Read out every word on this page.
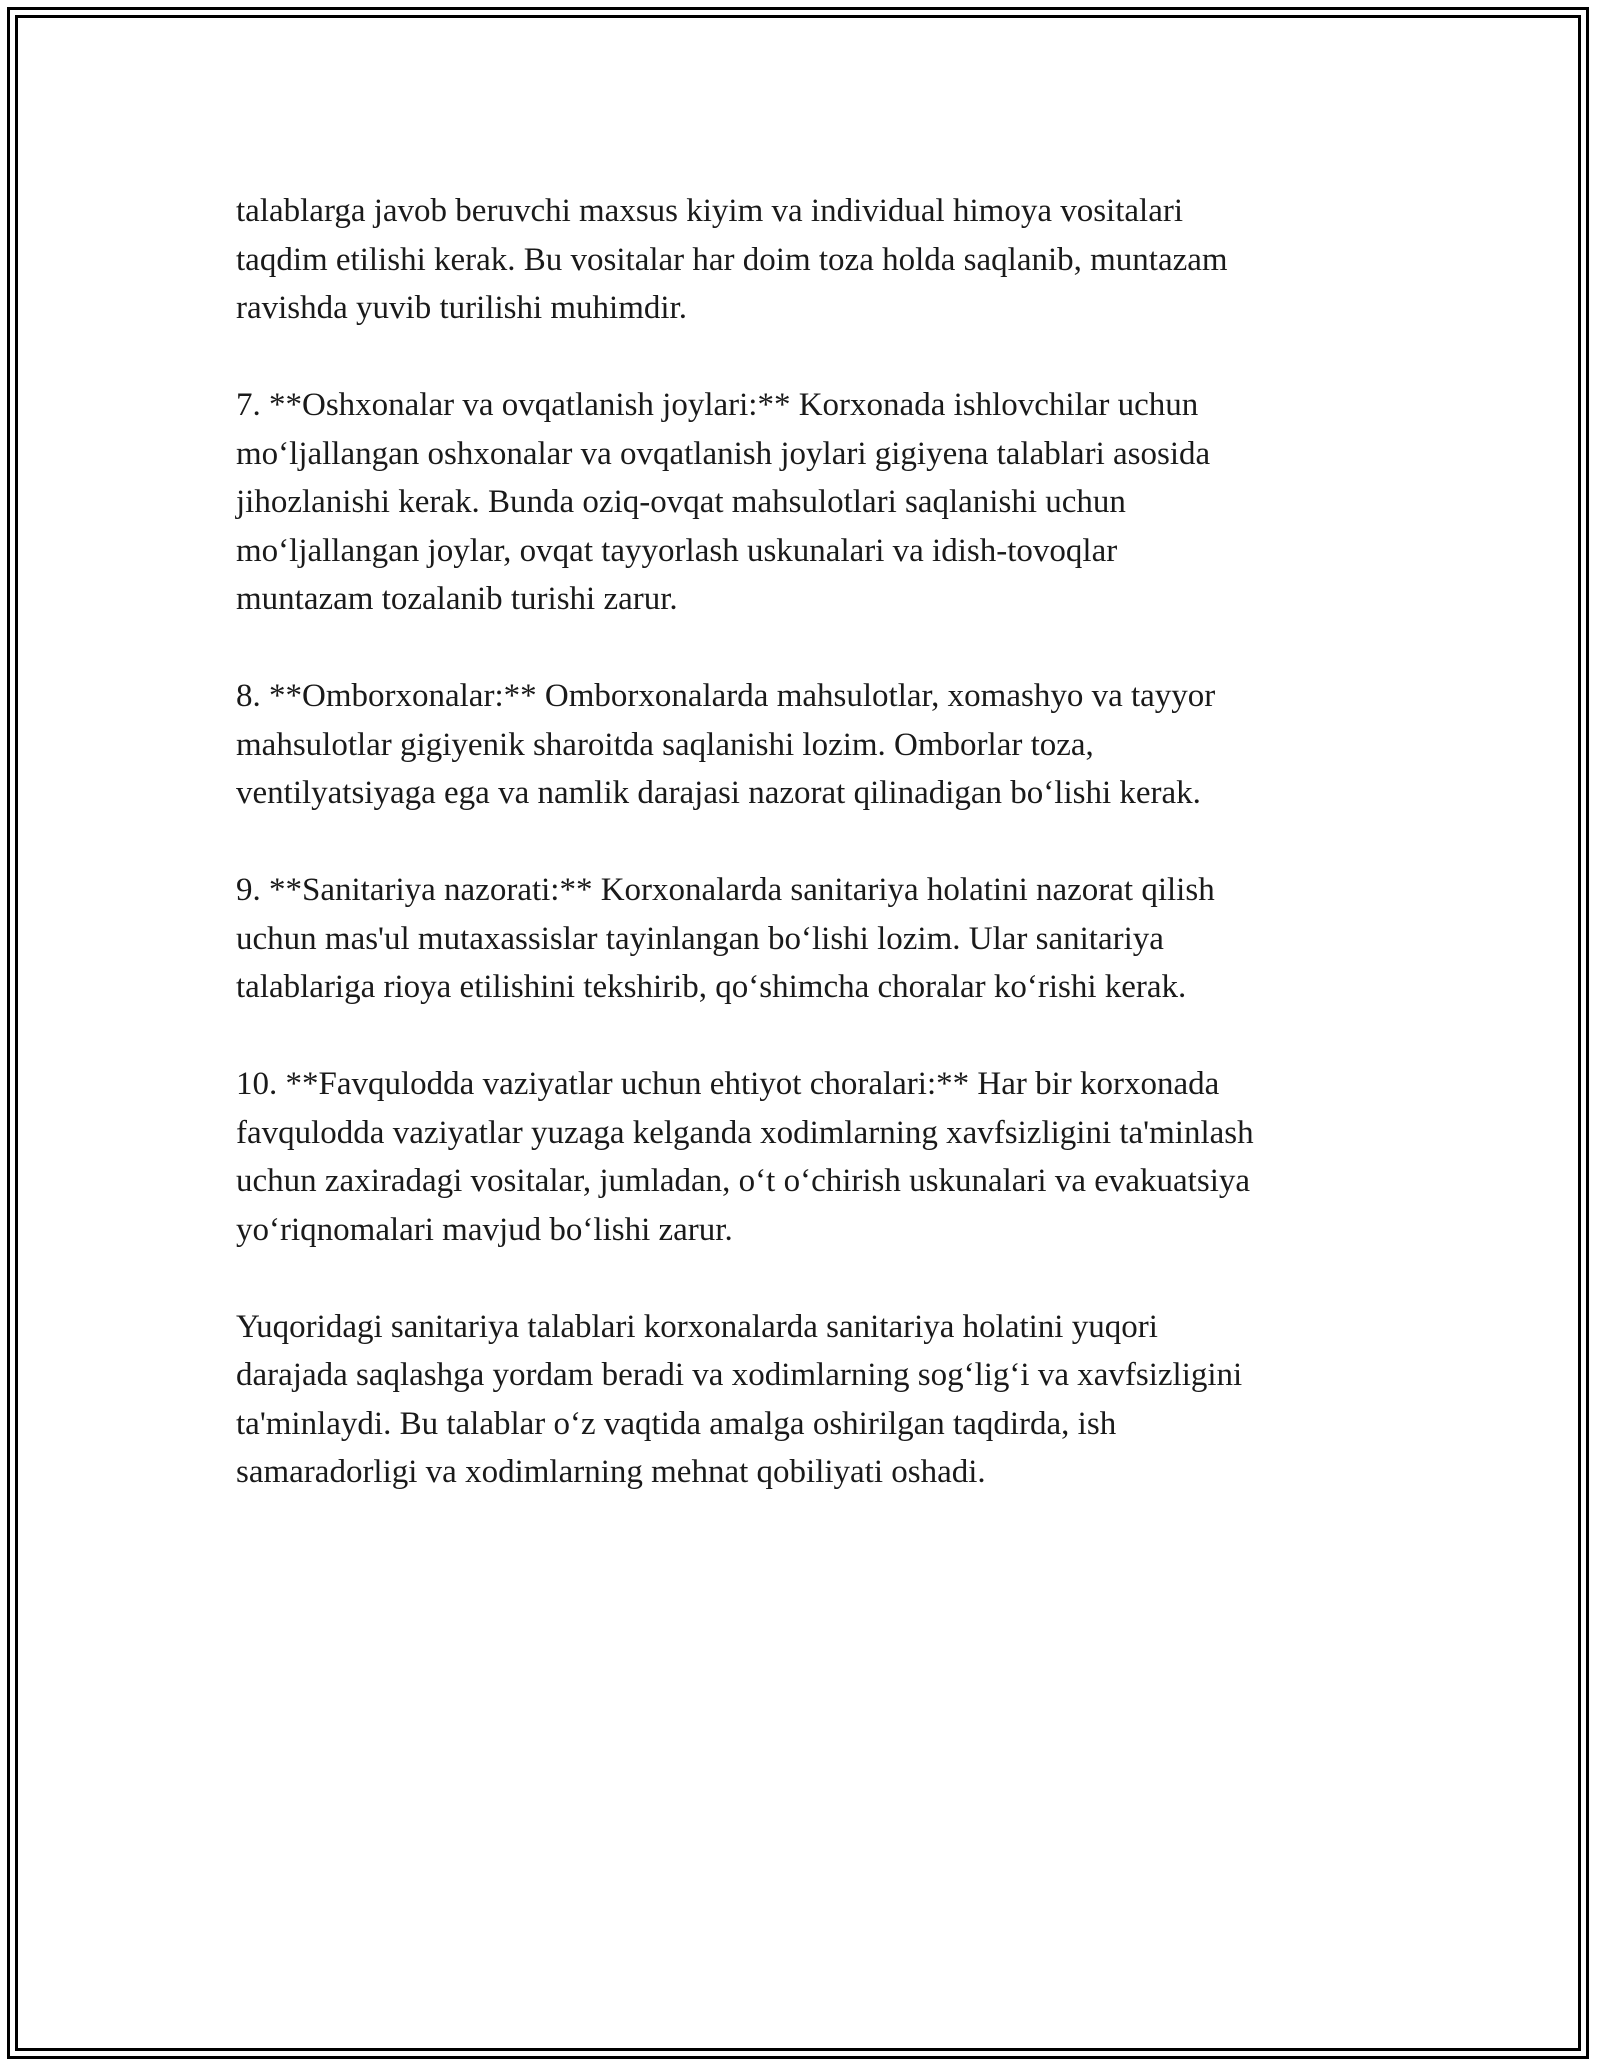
talablarga javob beruvchi maxsus kiyim va individual himoya vositalari
taqdim etilishi kerak. Bu vositalar har doim toza holda saqlanib, muntazam
ravishda yuvib turilishi muhimdir.

7. **Oshxonalar va ovqatlanish joylari:** Korxonada ishlovchilar uchun
mo‘ljallangan oshxonalar va ovqatlanish joylari gigiyena talablari asosida
jihozlanishi kerak. Bunda oziq-ovqat mahsulotlari saqlanishi uchun
mo‘ljallangan joylar, ovqat tayyorlash uskunalari va idish-tovoqlar
muntazam tozalanib turishi zarur.

8. **Omborxonalar:** Omborxonalarda mahsulotlar, xomashyo va tayyor
mahsulotlar gigiyenik sharoitda saqlanishi lozim. Omborlar toza,
ventilyatsiyaga ega va namlik darajasi nazorat qilinadigan bo‘lishi kerak.

9. **Sanitariya nazorati:** Korxonalarda sanitariya holatini nazorat qilish
uchun mas'ul mutaxassislar tayinlangan bo‘lishi lozim. Ular sanitariya
talablariga rioya etilishini tekshirib, qo‘shimcha choralar ko‘rishi kerak.

10. **Favqulodda vaziyatlar uchun ehtiyot choralari:** Har bir korxonada
favqulodda vaziyatlar yuzaga kelganda xodimlarning xavfsizligini ta'minlash
uchun zaxiradagi vositalar, jumladan, o‘t o‘chirish uskunalari va evakuatsiya
yo‘riqnomalari mavjud bo‘lishi zarur.

Yuqoridagi sanitariya talablari korxonalarda sanitariya holatini yuqori
darajada saqlashga yordam beradi va xodimlarning sog‘lig‘i va xavfsizligini
ta'minlaydi. Bu talablar o‘z vaqtida amalga oshirilgan taqdirda, ish
samaradorligi va xodimlarning mehnat qobiliyati oshadi.
